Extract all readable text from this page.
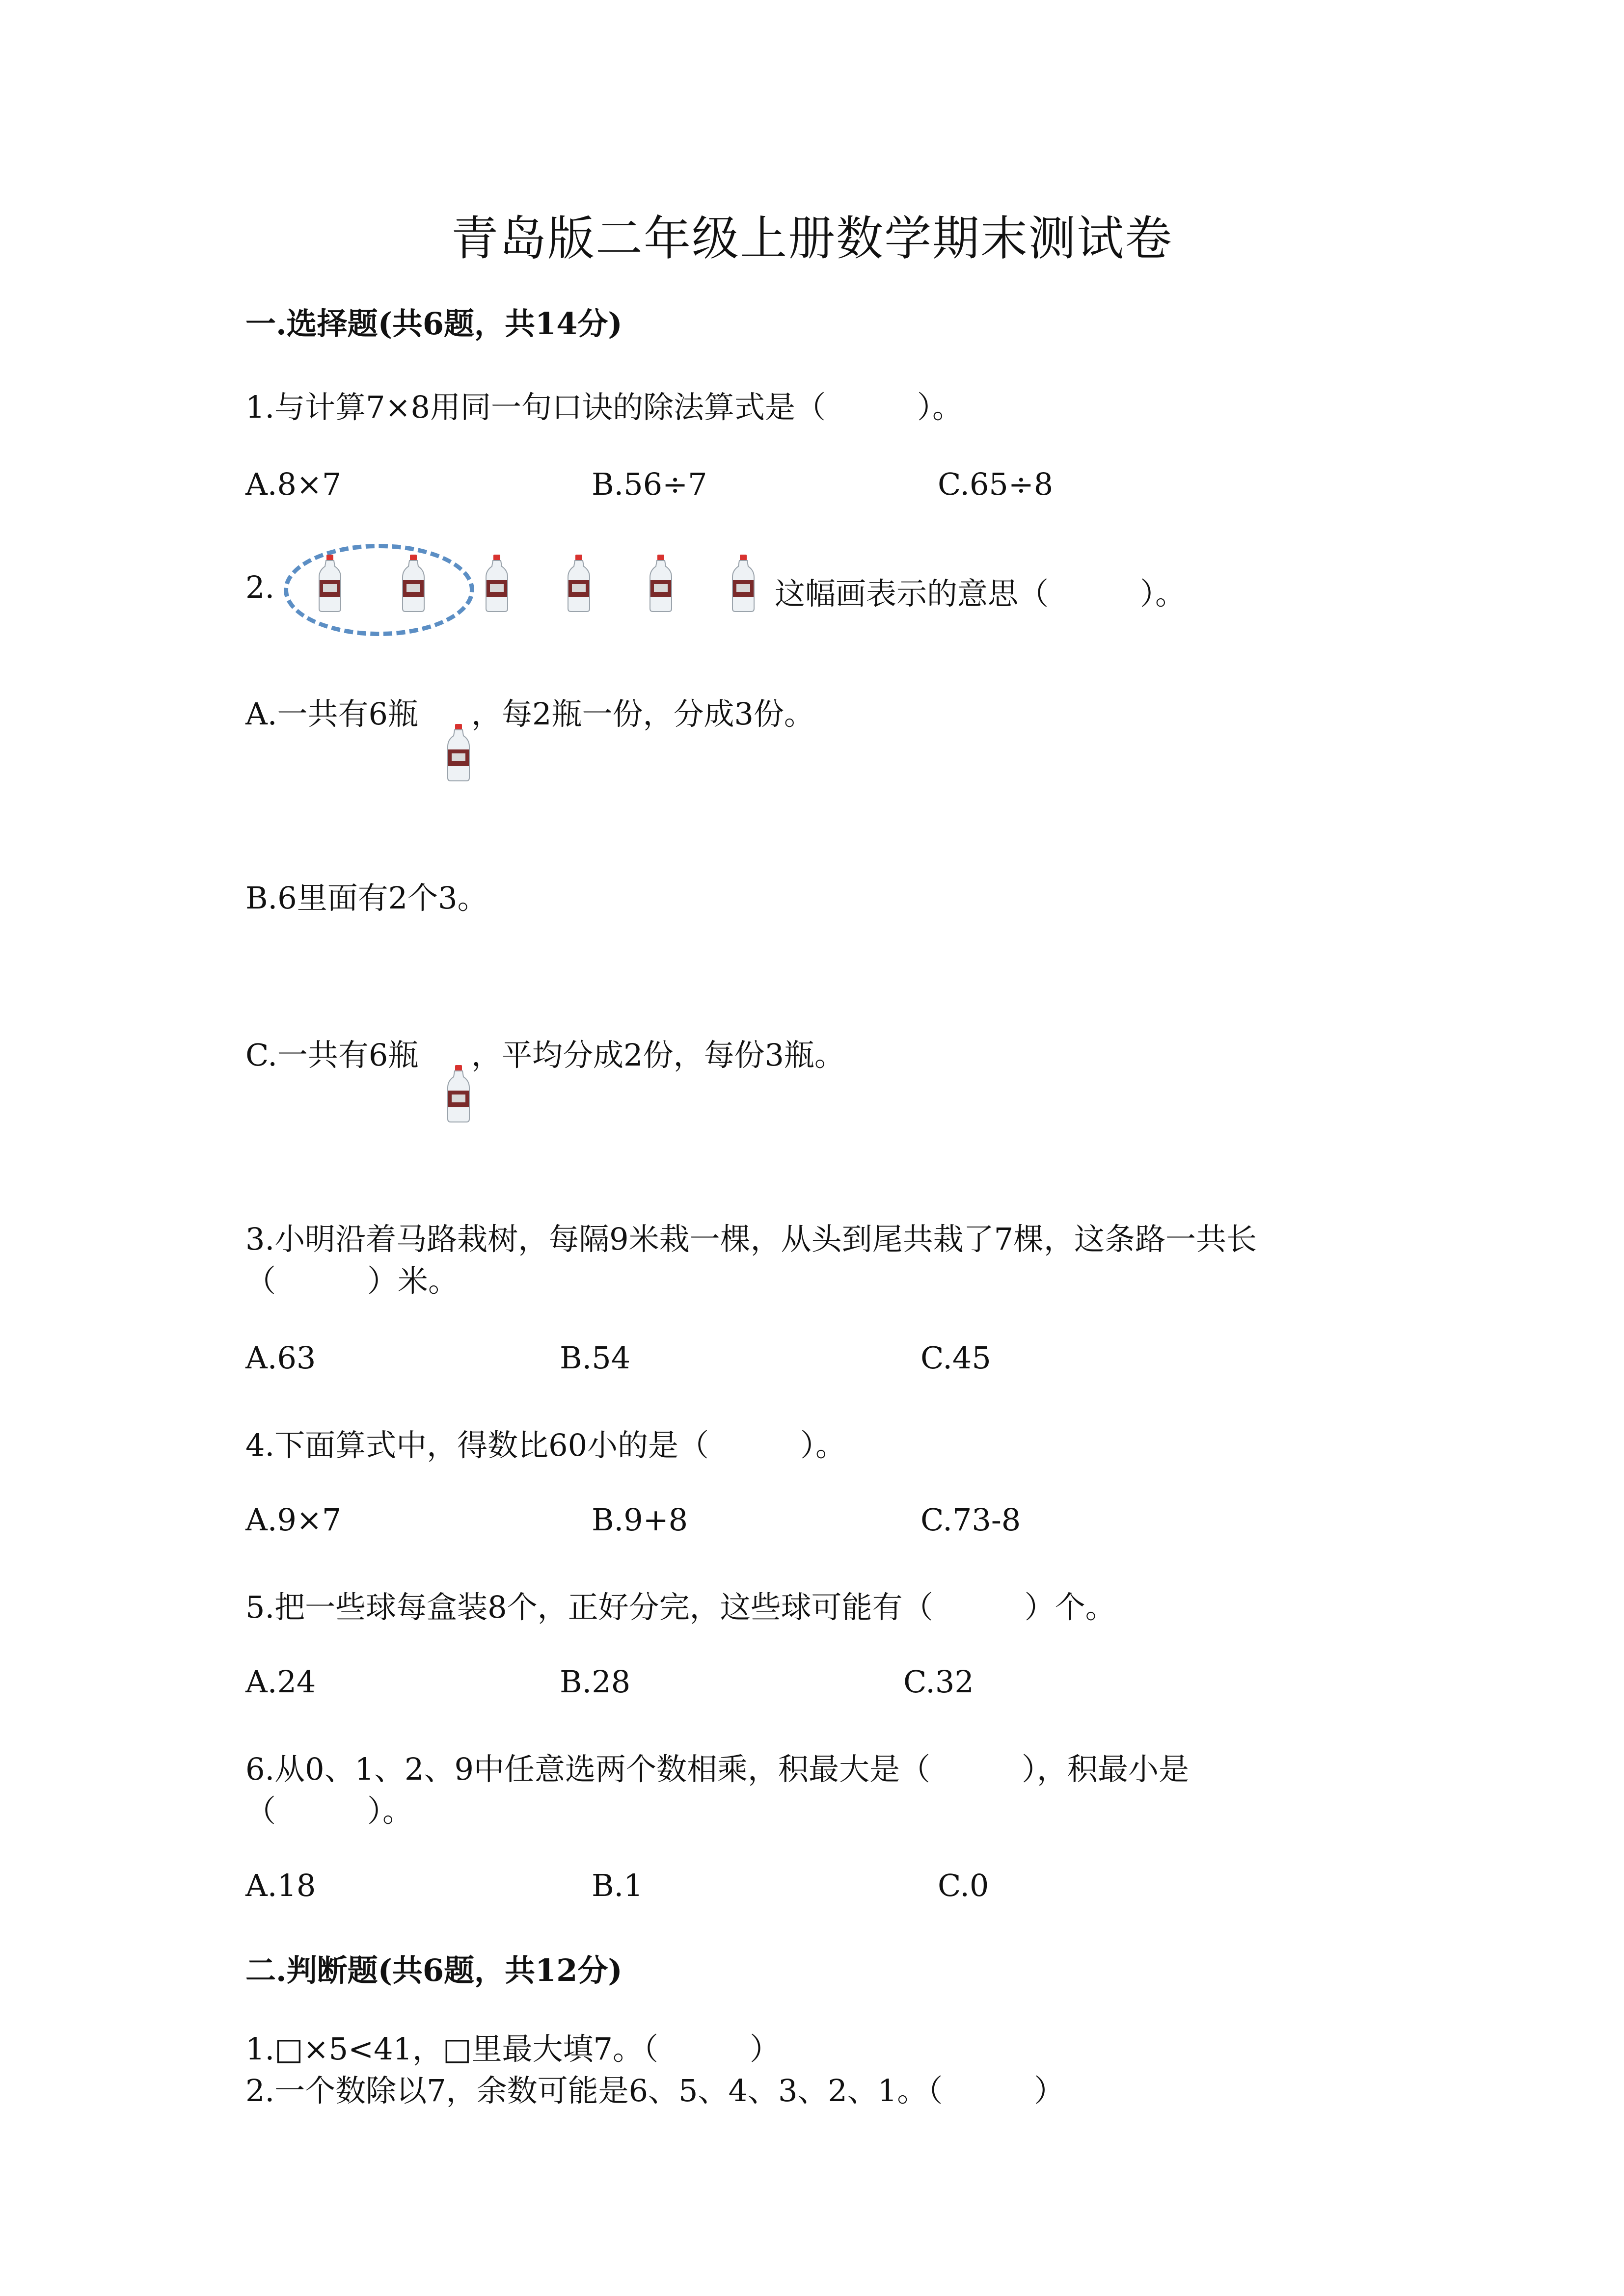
青岛版二年级上册数学期末测试卷
一.选择题(共6题，共14分)
1.与计算7×8用同一句口诀的除法算式是（　　　）。
A.8×7	B.56÷7	C.65÷8
2.	这幅画表示的意思（　　　）。
A.一共有6瓶 ，每2瓶一份，分成3份。
B.6里面有2个3。
C.一共有6瓶 ，平均分成2份，每份3瓶。
3.小明沿着马路栽树，每隔9米栽一棵，从头到尾共栽了7棵，这条路一共长
（　　　）米。
A.63	B.54	C.45
4.下面算式中，得数比60小的是（　　　）。
A.9×7	B.9+8	C.73-8
5.把一些球每盒装8个，正好分完，这些球可能有（　　　）个。
A.24	B.28	C.32
6.从0、1、2、9中任意选两个数相乘，积最大是（　　　），积最小是
（　　　）。
A.18	B.1	C.0
二.判断题(共6题，共12分)
1.□×5<41，□里最大填7。（　　　）
2.一个数除以7，余数可能是6、5、4、3、2、1。（　　　）
